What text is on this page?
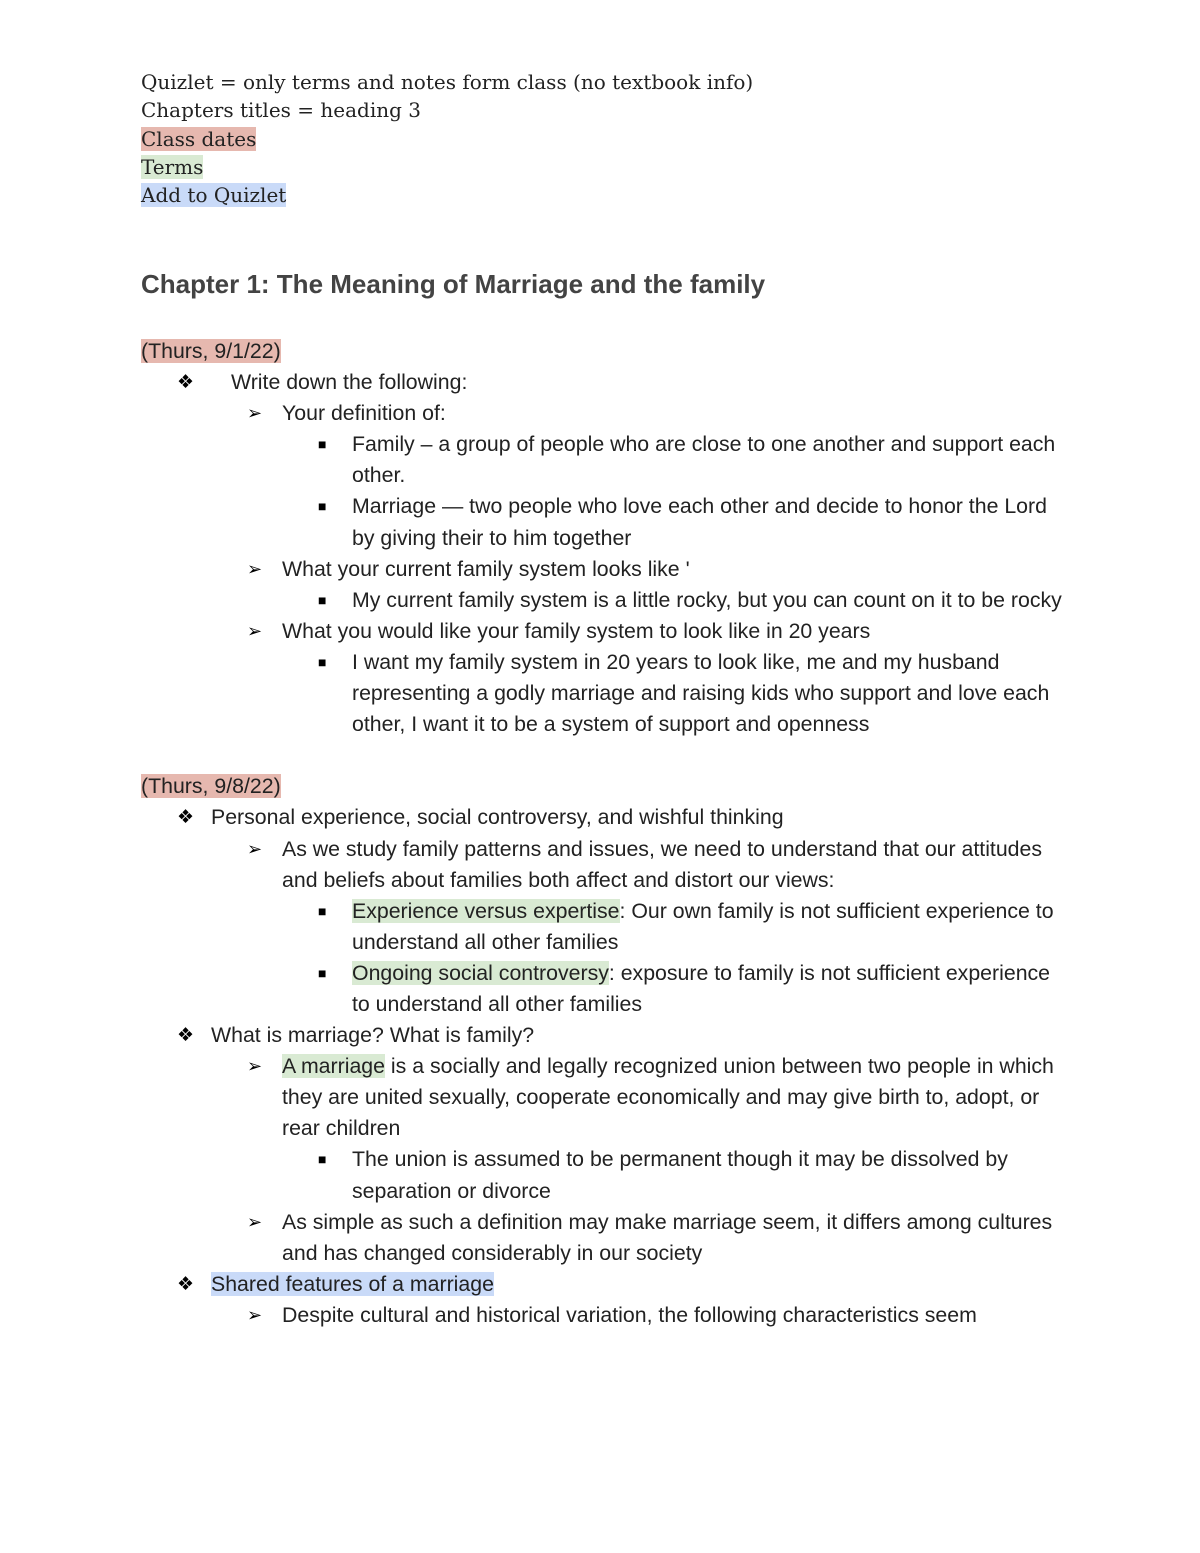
Quizlet = only terms and notes form class (no textbook info)
Chapters titles = heading 3
Class dates
Terms
Add to Quizlet
Chapter 1: The Meaning of Marriage and the family
(Thurs, 9/1/22)
❖ Write down the following:
➢ Your definition of:
■ Family – a group of people who are close to one another and support each other.
■ Marriage — two people who love each other and decide to honor the Lord by giving their to him together
➢ What your current family system looks like '
■ My current family system is a little rocky, but you can count on it to be rocky
➢ What you would like your family system to look like in 20 years
■ I want my family system in 20 years to look like, me and my husband representing a godly marriage and raising kids who support and love each other, I want it to be a system of support and openness
(Thurs, 9/8/22)
❖ Personal experience, social controversy, and wishful thinking
➢ As we study family patterns and issues, we need to understand that our attitudes and beliefs about families both affect and distort our views:
■ Experience versus expertise: Our own family is not sufficient experience to understand all other families
■ Ongoing social controversy: exposure to family is not sufficient experience to understand all other families
❖ What is marriage? What is family?
➢ A marriage is a socially and legally recognized union between two people in which they are united sexually, cooperate economically and may give birth to, adopt, or rear children
■ The union is assumed to be permanent though it may be dissolved by separation or divorce
➢ As simple as such a definition may make marriage seem, it differs among cultures and has changed considerably in our society
❖ Shared features of a marriage
➢ Despite cultural and historical variation, the following characteristics seem
